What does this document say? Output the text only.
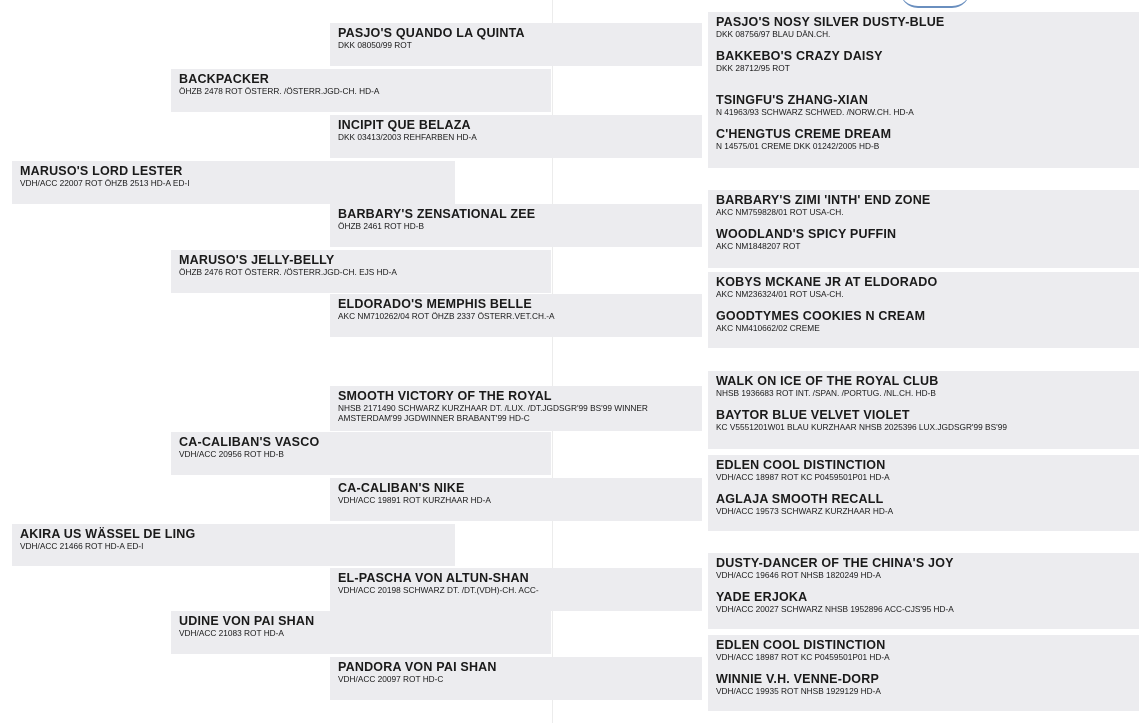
MARUSO'S LORD LESTER
VDH/ACC 22007 ROT ÖHZB 2513 HD-A ED-I
AKIRA US WÄSSEL DE LING
VDH/ACC 21466 ROT HD-A ED-I
BACKPACKER
ÖHZB 2478 ROT ÖSTERR. /ÖSTERR.JGD-CH. HD-A
MARUSO'S JELLY-BELLY
ÖHZB 2476 ROT ÖSTERR. /ÖSTERR.JGD-CH. EJS HD-A
CA-CALIBAN'S VASCO
VDH/ACC 20956 ROT HD-B
UDINE VON PAI SHAN
VDH/ACC 21083 ROT HD-A
PASJO'S QUANDO LA QUINTA
DKK 08050/99 ROT
INCIPIT QUE BELAZA
DKK 03413/2003 REHFARBEN HD-A
BARBARY'S ZENSATIONAL ZEE
ÖHZB 2461 ROT HD-B
ELDORADO'S MEMPHIS BELLE
AKC NM710262/04 ROT ÖHZB 2337 ÖSTERR.VET.CH.-A
SMOOTH VICTORY OF THE ROYAL
NHSB 2171490 SCHWARZ KURZHAAR DT. /LUX. /DT.JGDSGR'99 BS'99 WINNER AMSTERDAM'99 JGDWINNER BRABANT'99 HD-C
CA-CALIBAN'S NIKE
VDH/ACC 19891 ROT KURZHAAR HD-A
EL-PASCHA VON ALTUN-SHAN
VDH/ACC 20198 SCHWARZ DT. /DT.(VDH)-CH. ACC-
PANDORA VON PAI SHAN
VDH/ACC 20097 ROT HD-C
PASJO'S NOSY SILVER DUSTY-BLUE
DKK 08756/97 BLAU DÄN.CH.
BAKKEBO'S CRAZY DAISY
DKK 28712/95 ROT
TSINGFU'S ZHANG-XIAN
N 41963/93 SCHWARZ SCHWED. /NORW.CH. HD-A
C'HENGTUS CREME DREAM
N 14575/01 CREME DKK 01242/2005 HD-B
BARBARY'S ZIMI 'INTH' END ZONE
AKC NM759828/01 ROT USA-CH.
WOODLAND'S SPICY PUFFIN
AKC NM1848207 ROT
KOBYS MCKANE JR AT ELDORADO
AKC NM236324/01 ROT USA-CH.
GOODTYMES COOKIES N CREAM
AKC NM410662/02 CREME
WALK ON ICE OF THE ROYAL CLUB
NHSB 1936683 ROT INT. /SPAN. /PORTUG. /NL.CH. HD-B
BAYTOR BLUE VELVET VIOLET
KC V5551201W01 BLAU KURZHAAR NHSB 2025396 LUX.JGDSGR'99 BS'99
EDLEN COOL DISTINCTION
VDH/ACC 18987 ROT KC P0459501P01 HD-A
AGLAJA SMOOTH RECALL
VDH/ACC 19573 SCHWARZ KURZHAAR HD-A
DUSTY-DANCER OF THE CHINA'S JOY
VDH/ACC 19646 ROT NHSB 1820249 HD-A
YADE ERJOKA
VDH/ACC 20027 SCHWARZ NHSB 1952896 ACC-CJS'95 HD-A
EDLEN COOL DISTINCTION
VDH/ACC 18987 ROT KC P0459501P01 HD-A
WINNIE V.H. VENNE-DORP
VDH/ACC 19935 ROT NHSB 1929129 HD-A
